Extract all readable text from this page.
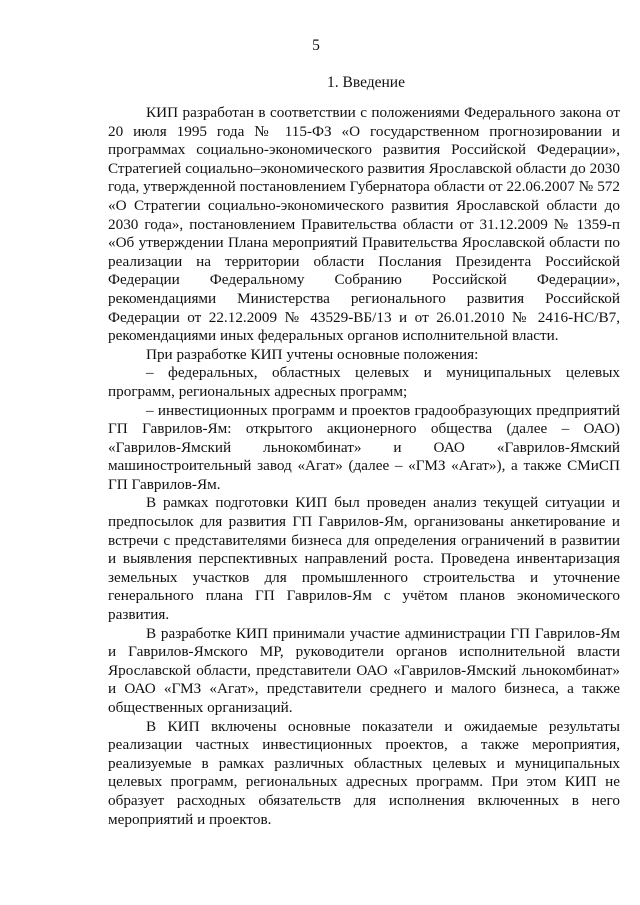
5
1. Введение

КИП разработан в соответствии с положениями Федерального закона от 20 июля 1995 года № 115-ФЗ «О государственном прогнозировании и программах социально-экономического развития Российской Федерации», Стратегией социально–экономического развития Ярославской области до 2030 года, утвержденной постановлением Губернатора области от 22.06.2007 № 572 «О Стратегии социально-экономического развития Ярославской области до 2030 года», постановлением Правительства области от 31.12.2009 № 1359-п «Об утверждении Плана мероприятий Правительства Ярославской области по реализации на территории области Послания Президента Российской Федерации Федеральному Собранию Российской Федерации», рекомендациями Министерства регионального развития Российской Федерации от 22.12.2009 № 43529-ВБ/13 и от 26.01.2010 № 2416-НС/В7, рекомендациями иных федеральных органов исполнительной власти.

При разработке КИП учтены основные положения:

– федеральных, областных целевых и муниципальных целевых программ, региональных адресных программ;

– инвестиционных программ и проектов градообразующих предприятий ГП Гаврилов-Ям: открытого акционерного общества (далее – ОАО) «Гаврилов-Ямский льнокомбинат» и ОАО «Гаврилов-Ямский машиностроительный завод «Агат» (далее – «ГМЗ «Агат»), а также СМиСП ГП Гаврилов-Ям.

В рамках подготовки КИП был проведен анализ текущей ситуации и предпосылок для развития ГП Гаврилов-Ям, организованы анкетирование и встречи с представителями бизнеса для определения ограничений в развитии и выявления перспективных направлений роста. Проведена инвентаризация земельных участков для промышленного строительства и уточнение генерального плана ГП Гаврилов-Ям с учётом планов экономического развития.

В разработке КИП принимали участие администрации ГП Гаврилов-Ям и Гаврилов-Ямского МР, руководители органов исполнительной власти Ярославской области, представители ОАО «Гаврилов-Ямский льнокомбинат» и ОАО «ГМЗ «Агат», представители среднего и малого бизнеса, а также общественных организаций.

В КИП включены основные показатели и ожидаемые результаты реализации частных инвестиционных проектов, а также мероприятия, реализуемые в рамках различных областных целевых и муниципальных целевых программ, региональных адресных программ. При этом КИП не образует расходных обязательств для исполнения включенных в него мероприятий и проектов.
